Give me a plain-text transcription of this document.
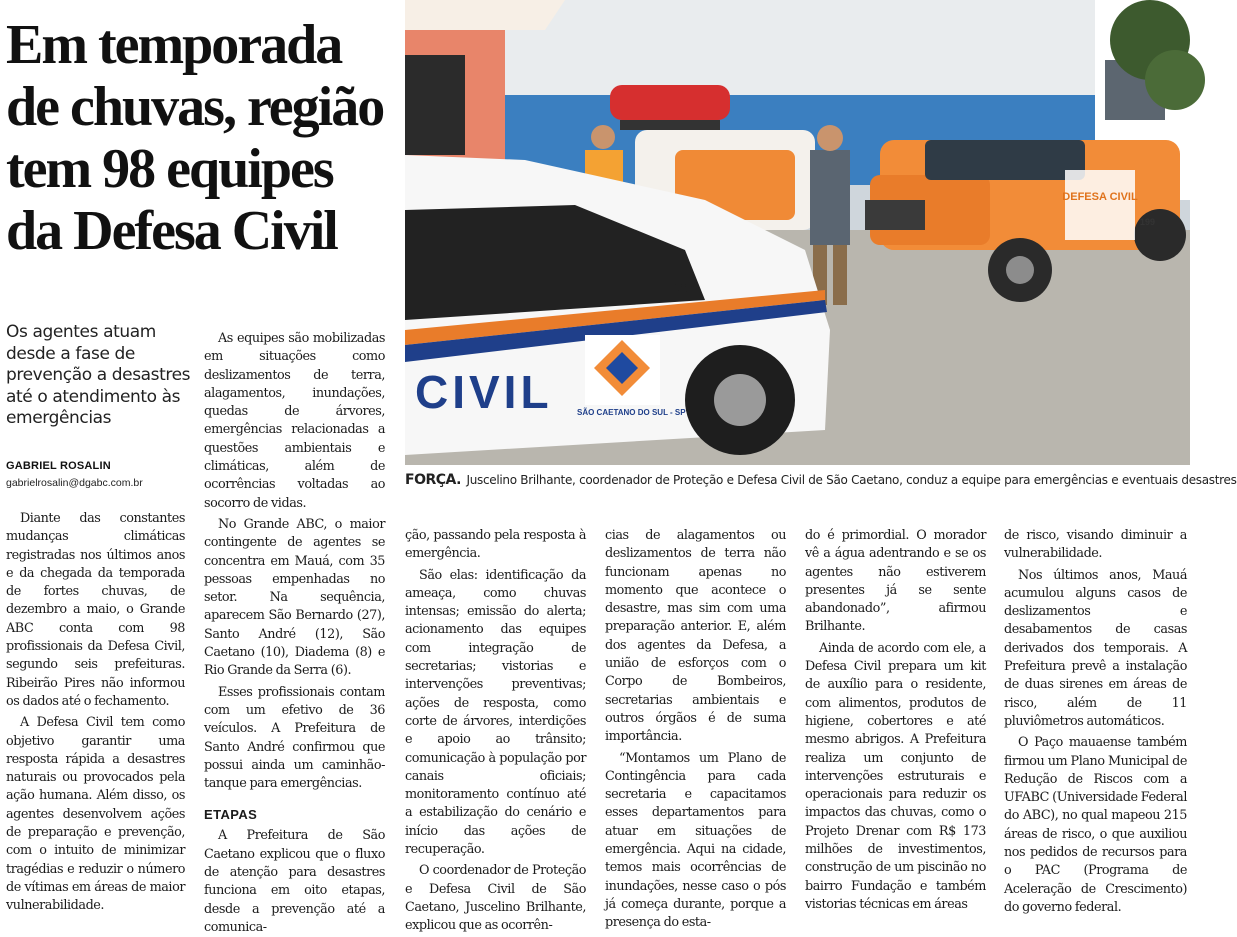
Em temporada de chuvas, região tem 98 equipes da Defesa Civil

Os agentes atuam desde a fase de prevenção a desastres até o atendimento às emergências

GABRIEL ROSALIN
gabrielrosalin@dgabc.com.br
DEFESA CIVIL
199
CIVIL
199
SÃO CAETANO DO SUL - SP
FORÇA. Juscelino Brilhante, coordenador de Proteção e Defesa Civil de São Caetano, conduz a equipe para emergências e eventuais desastres

Diante das constantes mudanças climáticas registradas nos últimos anos e da chegada da temporada de fortes chuvas, de dezembro a maio, o Grande ABC conta com 98 profissionais da Defesa Civil, segundo seis prefeituras. Ribeirão Pires não informou os dados até o fechamento.

A Defesa Civil tem como objetivo garantir uma resposta rápida a desastres naturais ou provocados pela ação humana. Além disso, os agentes desenvolvem ações de preparação e prevenção, com o intuito de minimizar tragédias e reduzir o número de vítimas em áreas de maior vulnerabilidade.

As equipes são mobilizadas em situações como deslizamentos de terra, alagamentos, inundações, quedas de árvores, emergências relacionadas a questões ambientais e climáticas, além de ocorrências voltadas ao socorro de vidas.

No Grande ABC, o maior contingente de agentes se concentra em Mauá, com 35 pessoas empenhadas no setor. Na sequência, aparecem São Bernardo (27), Santo André (12), São Caetano (10), Diadema (8) e Rio Grande da Serra (6).

Esses profissionais contam com um efetivo de 36 veículos. A Prefeitura de Santo André confirmou que possui ainda um caminhão-tanque para emergências.

ETAPAS

A Prefeitura de São Caetano explicou que o fluxo de atenção para desastres funciona em oito etapas, desde a prevenção até a comunica-

ção, passando pela resposta à emergência.

São elas: identificação da ameaça, como chuvas intensas; emissão do alerta; acionamento das equipes com integração de secretarias; vistorias e intervenções preventivas; ações de resposta, como corte de árvores, interdições e apoio ao trânsito; comunicação à população por canais oficiais; monitoramento contínuo até a estabilização do cenário e início das ações de recuperação.

O coordenador de Proteção e Defesa Civil de São Caetano, Juscelino Brilhante, explicou que as ocorrên-

cias de alagamentos ou deslizamentos de terra não funcionam apenas no momento que acontece o desastre, mas sim com uma preparação anterior. E, além dos agentes da Defesa, a união de esforços com o Corpo de Bombeiros, secretarias ambientais e outros órgãos é de suma importância.

“Montamos um Plano de Contingência para cada secretaria e capacitamos esses departamentos para atuar em situações de emergência. Aqui na cidade, temos mais ocorrências de inundações, nesse caso o pós já começa durante, porque a presença do esta-

do é primordial. O morador vê a água adentrando e se os agentes não estiverem presentes já se sente abandonado”, afirmou Brilhante.

Ainda de acordo com ele, a Defesa Civil prepara um kit de auxílio para o residente, com alimentos, produtos de higiene, cobertores e até mesmo abrigos. A Prefeitura realiza um conjunto de intervenções estruturais e operacionais para reduzir os impactos das chuvas, como o Projeto Drenar com R$ 173 milhões de investimentos, construção de um piscinão no bairro Fundação e também vistorias técnicas em áreas

de risco, visando diminuir a vulnerabilidade.

Nos últimos anos, Mauá acumulou alguns casos de deslizamentos e desabamentos de casas derivados dos temporais. A Prefeitura prevê a instalação de duas sirenes em áreas de risco, além de 11 pluviômetros automáticos.

O Paço mauaense também firmou um Plano Municipal de Redução de Riscos com a UFABC (Universidade Federal do ABC), no qual mapeou 215 áreas de risco, o que auxiliou nos pedidos de recursos para o PAC (Programa de Aceleração de Crescimento) do governo federal.
